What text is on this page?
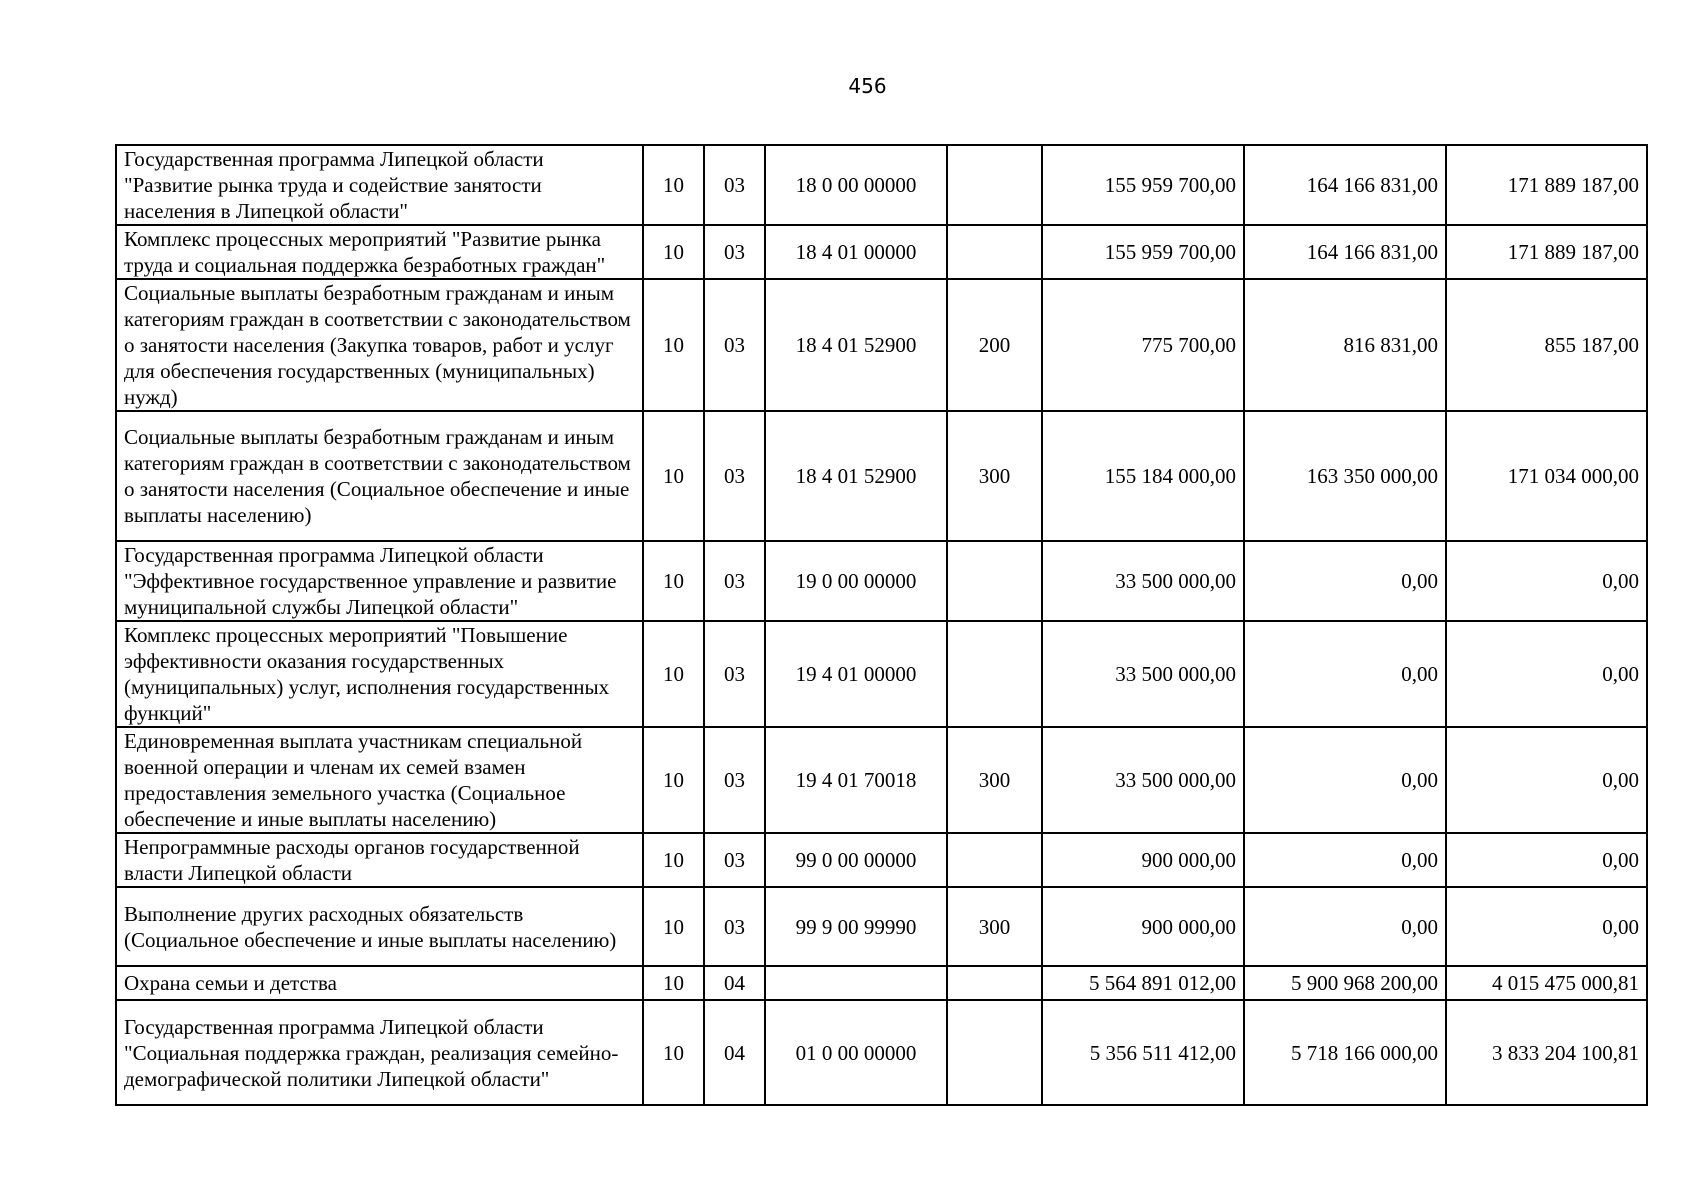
456
Государственная программа Липецкой области "Развитие рынка труда и содействие занятости населения в Липецкой области"	10	03	18 0 00 00000		155 959 700,00	164 166 831,00	171 889 187,00
Комплекс процессных мероприятий "Развитие рынка труда и социальная поддержка безработных граждан"	10	03	18 4 01 00000		155 959 700,00	164 166 831,00	171 889 187,00
Социальные выплаты безработным гражданам и иным категориям граждан в соответствии с законодательством о занятости населения (Закупка товаров, работ и услуг для обеспечения государственных (муниципальных) нужд)	10	03	18 4 01 52900	200	775 700,00	816 831,00	855 187,00
Социальные выплаты безработным гражданам и иным категориям граждан в соответствии с законодательством о занятости населения (Социальное обеспечение и иные выплаты населению)	10	03	18 4 01 52900	300	155 184 000,00	163 350 000,00	171 034 000,00
Государственная программа Липецкой области "Эффективное государственное управление и развитие муниципальной службы Липецкой области"	10	03	19 0 00 00000		33 500 000,00	0,00	0,00
Комплекс процессных мероприятий "Повышение эффективности оказания государственных (муниципальных) услуг, исполнения государственных функций"	10	03	19 4 01 00000		33 500 000,00	0,00	0,00
Единовременная выплата участникам специальной военной операции и членам их семей взамен предоставления земельного участка (Социальное обеспечение и иные выплаты населению)	10	03	19 4 01 70018	300	33 500 000,00	0,00	0,00
Непрограммные расходы органов государственной власти Липецкой области	10	03	99 0 00 00000		900 000,00	0,00	0,00
Выполнение других расходных обязательств (Социальное обеспечение и иные выплаты населению)	10	03	99 9 00 99990	300	900 000,00	0,00	0,00
Охрана семьи и детства	10	04			5 564 891 012,00	5 900 968 200,00	4 015 475 000,81
Государственная программа Липецкой области "Социальная поддержка граждан, реализация семейно-демографической политики Липецкой области"	10	04	01 0 00 00000		5 356 511 412,00	5 718 166 000,00	3 833 204 100,81
